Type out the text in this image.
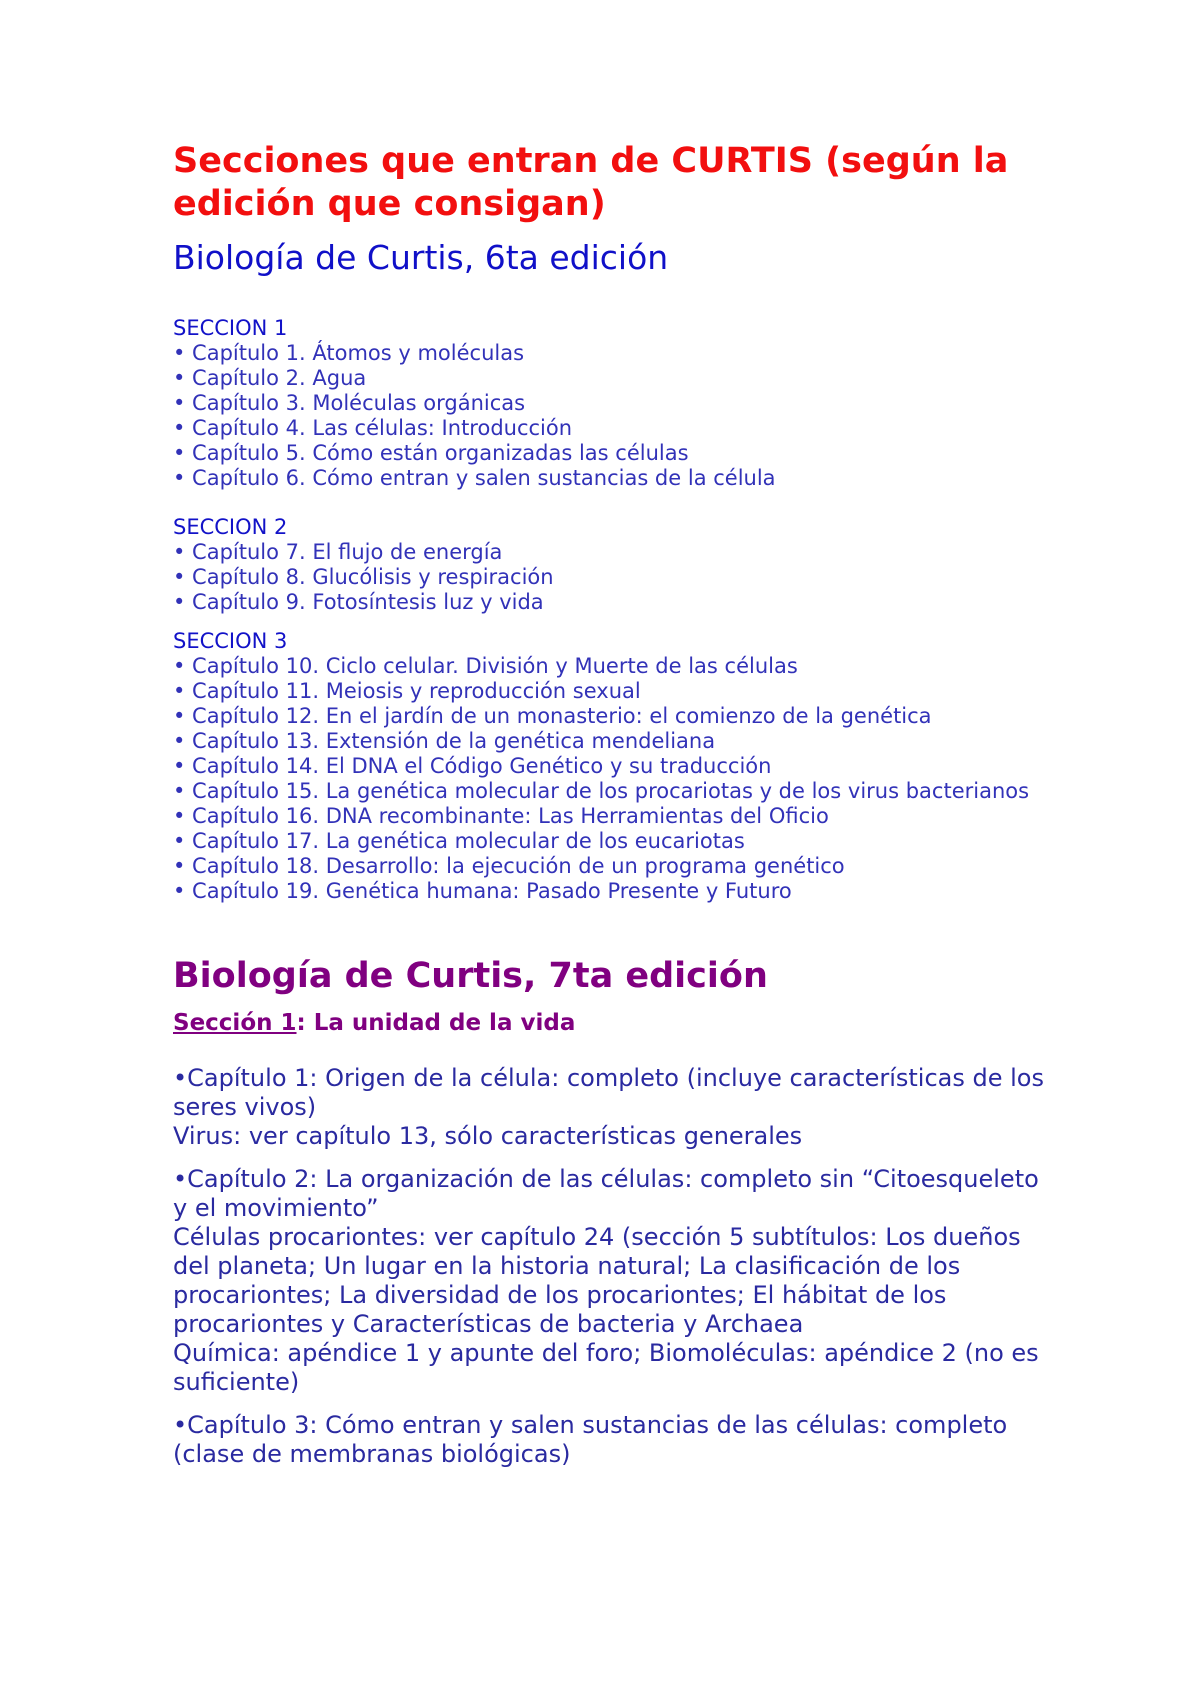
Secciones que entran de CURTIS (según la edición que consigan)
Biología de Curtis, 6ta edición
SECCION 1
• Capítulo 1. Átomos y moléculas
• Capítulo 2. Agua
• Capítulo 3. Moléculas orgánicas
• Capítulo 4. Las células: Introducción
• Capítulo 5. Cómo están organizadas las células
• Capítulo 6. Cómo entran y salen sustancias de la célula
SECCION 2
• Capítulo 7. El flujo de energía
• Capítulo 8. Glucólisis y respiración
• Capítulo 9. Fotosíntesis luz y vida
SECCION 3
• Capítulo 10. Ciclo celular. División y Muerte de las células
• Capítulo 11. Meiosis y reproducción sexual
• Capítulo 12. En el jardín de un monasterio: el comienzo de la genética
• Capítulo 13. Extensión de la genética mendeliana
• Capítulo 14. El DNA el Código Genético y su traducción
• Capítulo 15. La genética molecular de los procariotas y de los virus bacterianos
• Capítulo 16. DNA recombinante: Las Herramientas del Oficio
• Capítulo 17. La genética molecular de los eucariotas
• Capítulo 18. Desarrollo: la ejecución de un programa genético
• Capítulo 19. Genética humana: Pasado Presente y Futuro
Biología de Curtis, 7ta edición
Sección 1: La unidad de la vida

•Capítulo 1: Origen de la célula: completo (incluye características de los seres vivos)

Virus: ver capítulo 13, sólo características generales

•Capítulo 2: La organización de las células: completo sin “Citoesqueleto y el movimiento”

Células procariontes: ver capítulo 24 (sección 5 subtítulos: Los dueños del planeta; Un lugar en la historia natural; La clasificación de los procariontes; La diversidad de los procariontes; El hábitat de los procariontes y Características de bacteria y Archaea

Química: apéndice 1 y apunte del foro; Biomoléculas: apéndice 2 (no es suficiente)

•Capítulo 3: Cómo entran y salen sustancias de las células: completo (clase de membranas biológicas)
